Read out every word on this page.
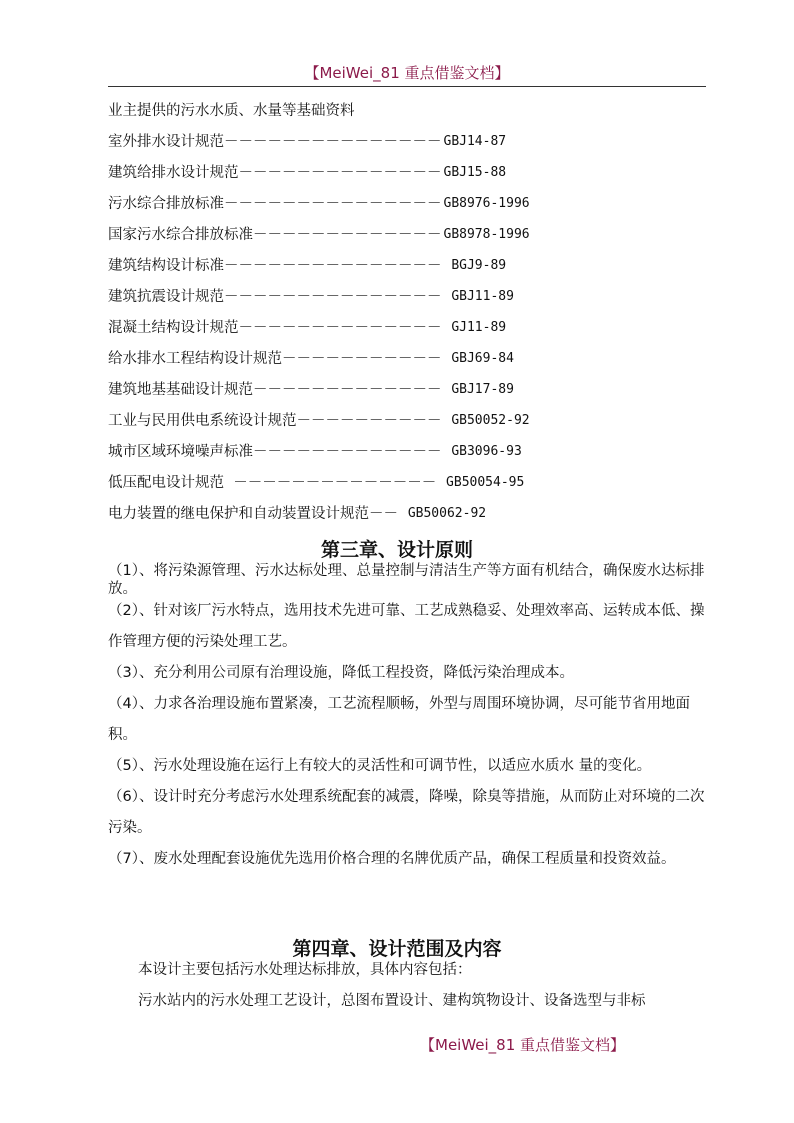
【MeiWei_81 重点借鉴文档】
业主提供的污水水质、水量等基础资料
室外排水设计规范 －－－－－－－－－－－－－－－ GBJ14-87
建筑给排水设计规范 －－－－－－－－－－－－－－ GBJ15-88
污水综合排放标准 －－－－－－－－－－－－－－－ GB8976-1996
国家污水综合排放标准 －－－－－－－－－－－－－ GB8978-1996
建筑结构设计标准 －－－－－－－－－－－－－－－ BGJ9-89
建筑抗震设计规范 －－－－－－－－－－－－－－－ GBJ11-89
混凝土结构设计规范 －－－－－－－－－－－－－－ GJ11-89
给水排水工程结构设计规范 －－－－－－－－－－－ GBJ69-84
建筑地基基础设计规范 －－－－－－－－－－－－－ GBJ17-89
工业与民用供电系统设计规范 －－－－－－－－－－ GB50052-92
城市区域环境噪声标准 －－－－－－－－－－－－－ GB3096-93
低压配电设计规范 －－－－－－－－－－－－－－ GB50054-95
电力装置的继电保护和自动装置设计规范 －－ GB50062-92
第三章、设计原则

（1）、将污染源管理、污水达标处理、总量控制与清洁生产等方面有机结合，确保废水达标排放。

（2）、针对该厂污水特点，选用技术先进可靠、工艺成熟稳妥、处理效率高、运转成本低、操作管理方便的污染处理工艺。

（3）、充分利用公司原有治理设施，降低工程投资，降低污染治理成本。

（4）、力求各治理设施布置紧凑，工艺流程顺畅，外型与周围环境协调，尽可能节省用地面积。

（5）、污水处理设施在运行上有较大的灵活性和可调节性，以适应水质水 量的变化。

（6）、设计时充分考虑污水处理系统配套的减震，降噪，除臭等措施，从而防止对环境的二次污染。

（7）、废水处理配套设施优先选用价格合理的名牌优质产品，确保工程质量和投资效益。

第四章、设计范围及内容

本设计主要包括污水处理达标排放，具体内容包括：

污水站内的污水处理工艺设计，总图布置设计、建构筑物设计、设备选型与非标

【MeiWei_81 重点借鉴文档】
